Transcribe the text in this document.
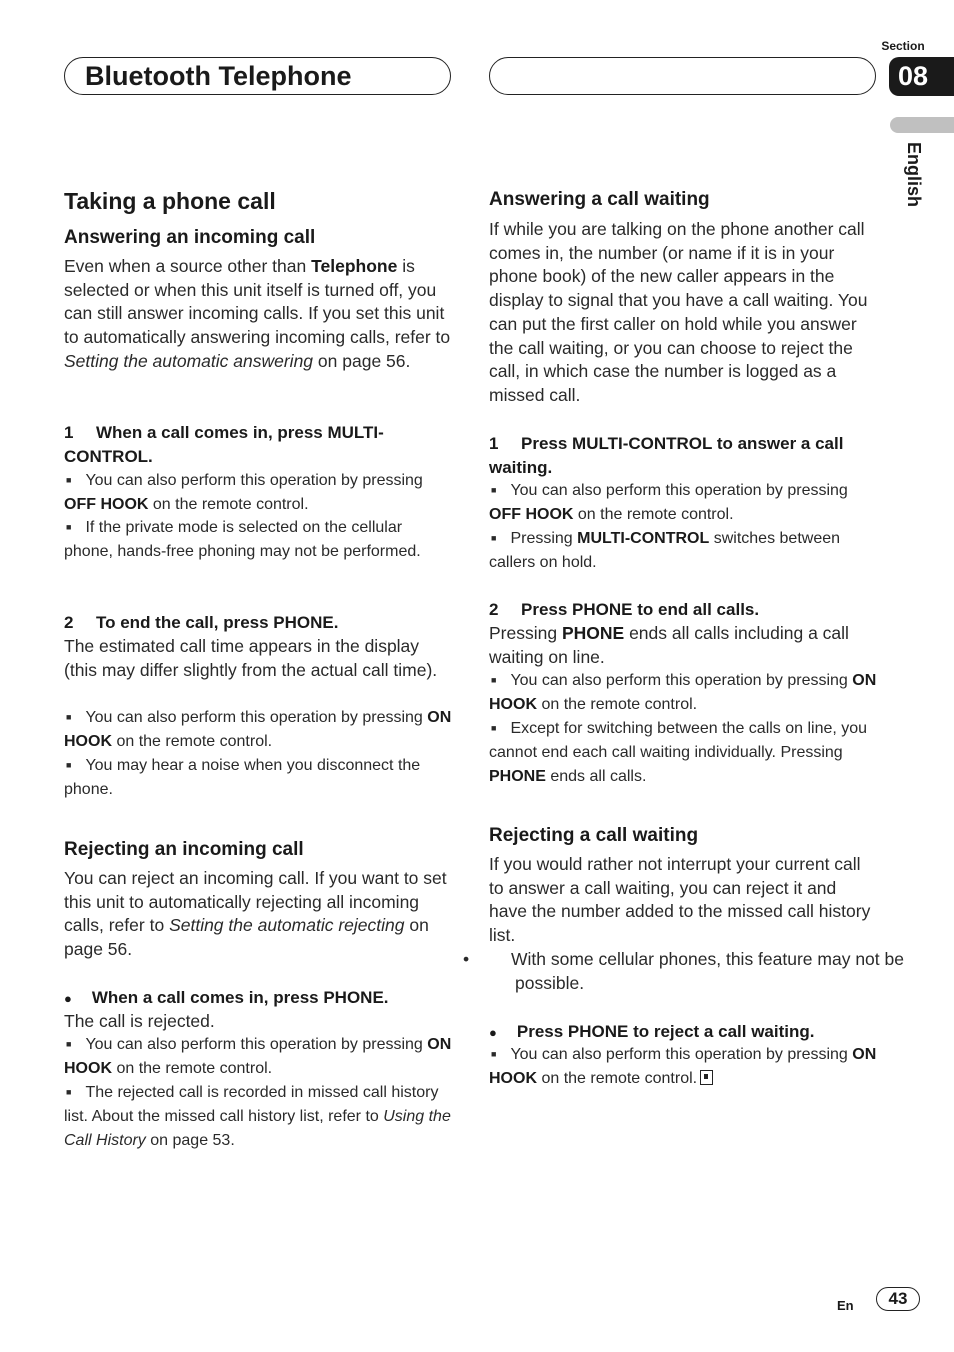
Bluetooth Telephone
Section
08
English
Taking a phone call
Answering an incoming call

Even when a source other than Telephone is selected or when this unit itself is turned off, you can still answer incoming calls. If you set this unit to automatically answering incoming calls, refer to Setting the automatic answering on page 56.

1 When a call comes in, press MULTI-CONTROL.

■ You can also perform this operation by pressing OFF HOOK on the remote control.

■ If the private mode is selected on the cellular phone, hands-free phoning may not be performed.

2 To end the call, press PHONE.

The estimated call time appears in the display (this may differ slightly from the actual call time).

■ You can also perform this operation by pressing ON HOOK on the remote control.

■ You may hear a noise when you disconnect the phone.

Rejecting an incoming call

You can reject an incoming call. If you want to set this unit to automatically rejecting all incoming calls, refer to Setting the automatic rejecting on page 56.

● When a call comes in, press PHONE.

The call is rejected.

■ You can also perform this operation by pressing ON HOOK on the remote control.

■ The rejected call is recorded in missed call history list. About the missed call history list, refer to Using the Call History on page 53.

Answering a call waiting

If while you are talking on the phone another call comes in, the number (or name if it is in your phone book) of the new caller appears in the display to signal that you have a call waiting. You can put the first caller on hold while you answer the call waiting, or you can choose to reject the call, in which case the number is logged as a missed call.

1 Press MULTI-CONTROL to answer a call waiting.

■ You can also perform this operation by pressing OFF HOOK on the remote control.

■ Pressing MULTI-CONTROL switches between callers on hold.

2 Press PHONE to end all calls.

Pressing PHONE ends all calls including a call waiting on line.

■ You can also perform this operation by pressing ON HOOK on the remote control.

■ Except for switching between the calls on line, you cannot end each call waiting individually. Pressing PHONE ends all calls.

Rejecting a call waiting

If you would rather not interrupt your current call to answer a call waiting, you can reject it and have the number added to the missed call history list.

• With some cellular phones, this feature may not be possible.

● Press PHONE to reject a call waiting.

■ You can also perform this operation by pressing ON HOOK on the remote control.

En	43
